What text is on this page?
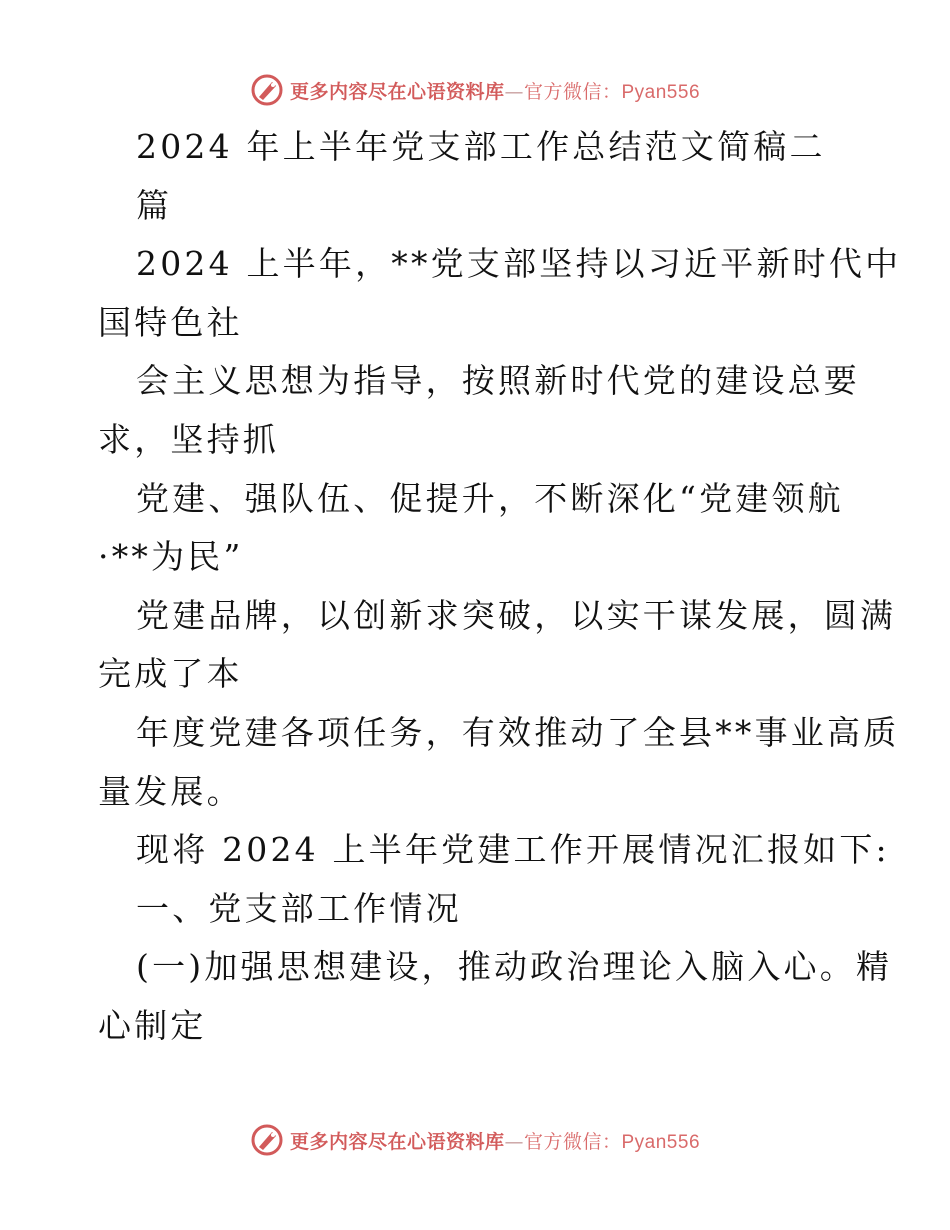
更多内容尽在心语资料库—官方微信：Pyan556
2024 年上半年党支部工作总结范文简稿二
篇
2024 上半年，**党支部坚持以习近平新时代中
国特色社
会主义思想为指导，按照新时代党的建设总要
求，坚持抓
党建、强队伍、促提升，不断深化“党建领航
·**为民”
党建品牌，以创新求突破，以实干谋发展，圆满
完成了本
年度党建各项任务，有效推动了全县**事业高质
量发展。
现将 2024 上半年党建工作开展情况汇报如下:
一、党支部工作情况
(一)加强思想建设，推动政治理论入脑入心。精
心制定
更多内容尽在心语资料库—官方微信：Pyan556
